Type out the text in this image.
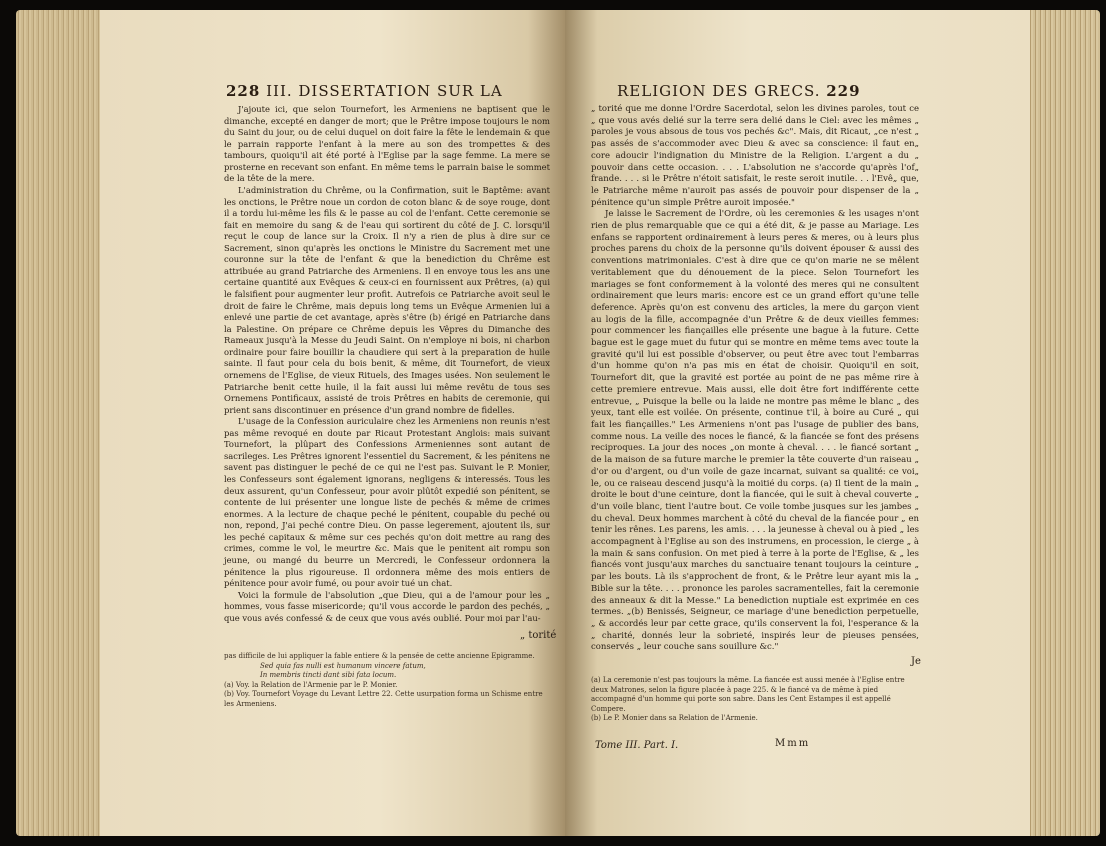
228 III. DISSERTATION SUR LA

J'ajoute ici, que selon Tournefort, les Armeniens ne baptisent que le dimanche, excepté en danger de mort; que le Prêtre impose toujours le nom du Saint du jour, ou de celui duquel on doit faire la fête le lendemain & que le parrain rapporte l'enfant à la mere au son des trompettes & des tambours, quoiqu'il ait été porté à l'Eglise par la sage femme. La mere se prosterne en recevant son enfant. En même tems le parrain baise le sommet de la tête de la mere.

L'administration du Chrême, ou la Confirmation, suit le Baptême: avant les onctions, le Prêtre noue un cordon de coton blanc & de soye rouge, dont il a tordu lui-même les fils & le passe au col de l'enfant. Cette ceremonie se fait en memoire du sang & de l'eau qui sortirent du côté de J. C. lorsqu'il reçut le coup de lance sur la Croix. Il n'y a rien de plus à dire sur ce Sacrement, sinon qu'après les onctions le Ministre du Sacrement met une couronne sur la tête de l'enfant & que la benediction du Chrême est attribuée au grand Patriarche des Armeniens. Il en envoye tous les ans une certaine quantité aux Evêques & ceux-ci en fournissent aux Prêtres, (a) qui le falsifient pour augmenter leur profit. Autrefois ce Patriarche avoit seul le droit de faire le Chrême, mais depuis long tems un Evêque Armenien lui a enlevé une partie de cet avantage, après s'être (b) érigé en Patriarche dans la Palestine. On prépare ce Chrême depuis les Vêpres du Dimanche des Rameaux jusqu'à la Messe du Jeudi Saint. On n'employe ni bois, ni charbon ordinaire pour faire bouillir la chaudiere qui sert à la preparation de huile sainte. Il faut pour cela du bois benit, & même, dit Tournefort, de vieux ornemens de l'Eglise, de vieux Rituels, des Images usées. Non seulement le Patriarche benit cette huile, il la fait aussi lui même revêtu de tous ses Ornemens Pontificaux, assisté de trois Prêtres en habits de ceremonie, qui prient sans discontinuer en présence d'un grand nombre de fidelles.

L'usage de la Confession auriculaire chez les Armeniens non reunis n'est pas même revoqué en doute par Ricaut Protestant Anglois: mais suivant Tournefort, la plûpart des Confessions Armeniennes sont autant de sacrileges. Les Prêtres ignorent l'essentiel du Sacrement, & les pénitens ne savent pas distinguer le peché de ce qui ne l'est pas. Suivant le P. Monier, les Confesseurs sont également ignorans, negligens & interessés. Tous les deux assurent, qu'un Confesseur, pour avoir plûtôt expedié son pénitent, se contente de lui présenter une longue liste de pechés & même de crimes enormes. A la lecture de chaque peché le pénitent, coupable du peché ou non, repond, J'ai peché contre Dieu. On passe legerement, ajoutent ils, sur les peché capitaux & même sur ces pechés qu'on doit mettre au rang des crimes, comme le vol, le meurtre &c. Mais que le penitent ait rompu son jeune, ou mangé du beurre un Mercredi, le Confesseur ordonnera la pénitence la plus rigoureuse. Il ordonnera même des mois entiers de pénitence pour avoir fumé, ou pour avoir tué un chat.

Voici la formule de l'absolution „que Dieu, qui a de l'amour pour les „ hommes, vous fasse misericorde; qu'il vous accorde le pardon des pechés, „ que vous avés confessé & de ceux que vous avés oublié. Pour moi par l'au-

„ torité

pas difficile de lui appliquer la fable entiere & la pensée de cette ancienne Epigramme.

Sed quia fas nulli est humanum vincere fatum,

In membris tincti dant sibi fata locum.

(a) Voy. la Relation de l'Armenie par le P. Monier.

(b) Voy. Tournefort Voyage du Levant Lettre 22. Cette usurpation forma un Schisme entre les Armeniens.

RELIGION DES GRECS. 229

„ torité que me donne l'Ordre Sacerdotal, selon les divines paroles, tout ce „ que vous avés delié sur la terre sera delié dans le Ciel: avec les mêmes „ paroles je vous absous de tous vos pechés &c". Mais, dit Ricaut, „ce n'est „ pas assés de s'accommoder avec Dieu & avec sa conscience: il faut en„ core adoucir l'indignation du Ministre de la Religion. L'argent a du „ pouvoir dans cette occasion. . . . L'absolution ne s'accorde qu'après l'of„ frande. . . . si le Prêtre n'étoit satisfait, le reste seroit inutile. . . l'Evê„ que, le Patriarche même n'auroit pas assés de pouvoir pour dispenser de la „ pénitence qu'un simple Prêtre auroit imposée."

Je laisse le Sacrement de l'Ordre, où les ceremonies & les usages n'ont rien de plus remarquable que ce qui a été dit, & je passe au Mariage. Les enfans se rapportent ordinairement à leurs peres & meres, ou à leurs plus proches parens du choix de la personne qu'ils doivent épouser & aussi des conventions matrimoniales. C'est à dire que ce qu'on marie ne se mêlent veritablement que du dénouement de la piece. Selon Tournefort les mariages se font conformement à la volonté des meres qui ne consultent ordinairement que leurs maris: encore est ce un grand effort qu'une telle deference. Après qu'on est convenu des articles, la mere du garçon vient au logis de la fille, accompagnée d'un Prêtre & de deux vieilles femmes: pour commencer les fiançailles elle présente une bague à la future. Cette bague est le gage muet du futur qui se montre en même tems avec toute la gravité qu'il lui est possible d'observer, ou peut être avec tout l'embarras d'un homme qu'on n'a pas mis en état de choisir. Quoiqu'il en soit, Tournefort dit, que la gravité est portée au point de ne pas même rire à cette premiere entrevue. Mais aussi, elle doit être fort indifférente cette entrevue, „ Puisque la belle ou la laide ne montre pas même le blanc „ des yeux, tant elle est voilée. On présente, continue t'il, à boire au Curé „ qui fait les fiançailles." Les Armeniens n'ont pas l'usage de publier des bans, comme nous. La veille des noces le fiancé, & la fiancée se font des présens reciproques. La jour des noces „on monte à cheval. . . . le fiancé sortant „ de la maison de sa future marche le premier la tête couverte d'un raiseau „ d'or ou d'argent, ou d'un voile de gaze incarnat, suivant sa qualité: ce voi„ le, ou ce raiseau descend jusqu'à la moitié du corps. (a) Il tient de la main „ droite le bout d'une ceinture, dont la fiancée, qui le suit à cheval couverte „ d'un voile blanc, tient l'autre bout. Ce voile tombe jusques sur les jambes „ du cheval. Deux hommes marchent à côté du cheval de la fiancée pour „ en tenir les rênes. Les parens, les amis. . . . la jeunesse à cheval ou à pied „ les accompagnent à l'Eglise au son des instrumens, en procession, le cierge „ à la main & sans confusion. On met pied à terre à la porte de l'Eglise, & „ les fiancés vont jusqu'aux marches du sanctuaire tenant toujours la ceinture „ par les bouts. Là ils s'approchent de front, & le Prêtre leur ayant mis la „ Bible sur la tête. . . . prononce les paroles sacramentelles, fait la ceremonie des anneaux & dit la Messe." La benediction nuptiale est exprimée en ces termes. „(b) Benissés, Seigneur, ce mariage d'une benediction perpetuelle, „ & accordés leur par cette grace, qu'ils conservent la foi, l'esperance & la „ charité, donnés leur la sobrieté, inspirés leur de pieuses pensées, conservés „ leur couche sans souillure &c."

Je

(a) La ceremonie n'est pas toujours la même. La fiancée est aussi menée à l'Eglise entre deux Matrones, selon la figure placée à page 225. & le fiancé va de même à pied accompagné d'un homme qui porte son sabre. Dans les Cent Estampes il est appellé Compere.

(b) Le P. Monier dans sa Relation de l'Armenie.

Tome III. Part. I.	Mmm
